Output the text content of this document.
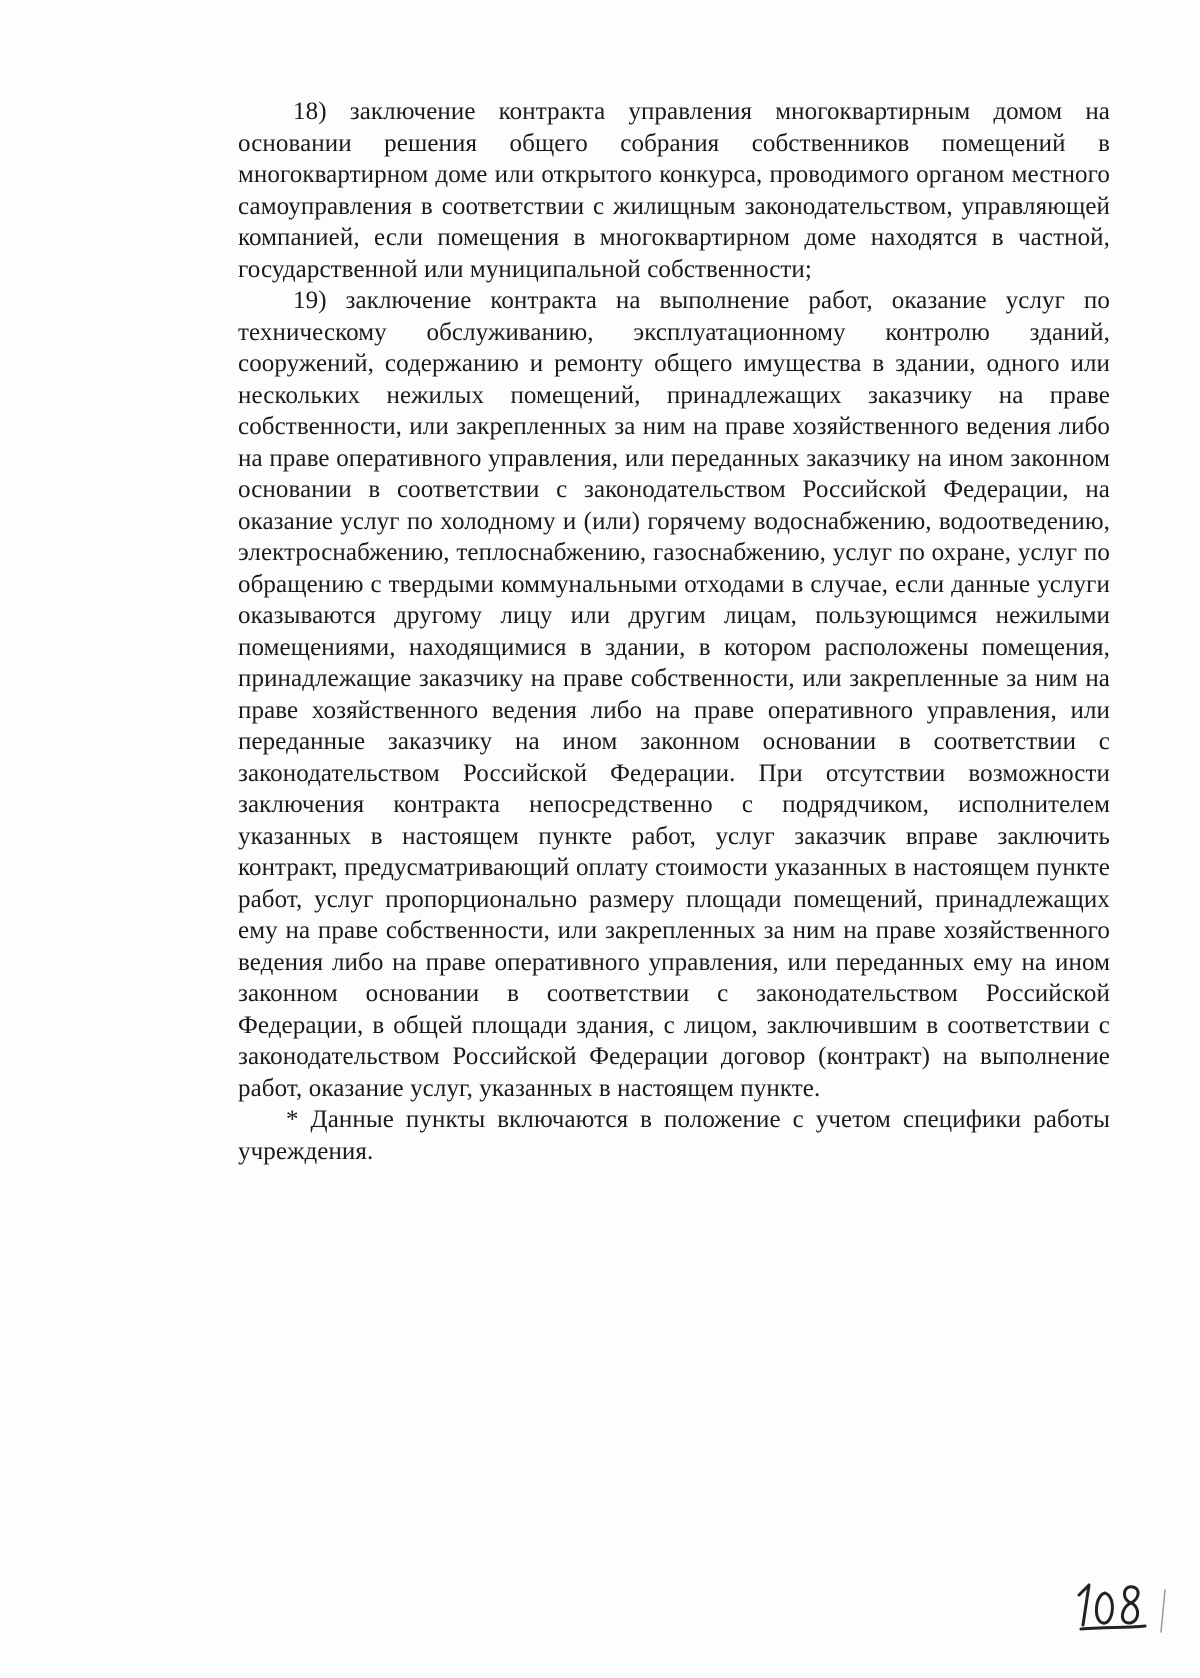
18) заключение контракта управления многоквартирным домом на основании решения общего собрания собственников помещений в многоквартирном доме или открытого конкурса, проводимого органом местного самоуправления в соответствии с жилищным законодательством, управляющей компанией, если помещения в многоквартирном доме находятся в частной, государственной или муниципальной собственности;

19) заключение контракта на выполнение работ, оказание услуг по техническому обслуживанию, эксплуатационному контролю зданий, сооружений, содержанию и ремонту общего имущества в здании, одного или нескольких нежилых помещений, принадлежащих заказчику на праве собственности, или закрепленных за ним на праве хозяйственного ведения либо на праве оперативного управления, или переданных заказчику на ином законном основании в соответствии с законодательством Российской Федерации, на оказание услуг по холодному и (или) горячему водоснабжению, водоотведению, электроснабжению, теплоснабжению, газоснабжению, услуг по охране, услуг по обращению с твердыми коммунальными отходами в случае, если данные услуги оказываются другому лицу или другим лицам, пользующимся нежилыми помещениями, находящимися в здании, в котором расположены помещения, принадлежащие заказчику на праве собственности, или закрепленные за ним на праве хозяйственного ведения либо на праве оперативного управления, или переданные заказчику на ином законном основании в соответствии с законодательством Российской Федерации. При отсутствии возможности заключения контракта непосредственно с подрядчиком, исполнителем указанных в настоящем пункте работ, услуг заказчик вправе заключить контракт, предусматривающий оплату стоимости указанных в настоящем пункте работ, услуг пропорционально размеру площади помещений, принадлежащих ему на праве собственности, или закрепленных за ним на праве хозяйственного ведения либо на праве оперативного управления, или переданных ему на ином законном основании в соответствии с законодательством Российской Федерации, в общей площади здания, с лицом, заключившим в соответствии с законодательством Российской Федерации договор (контракт) на выполнение работ, оказание услуг, указанных в настоящем пункте.

* Данные пункты включаются в положение с учетом специфики работы учреждения.
